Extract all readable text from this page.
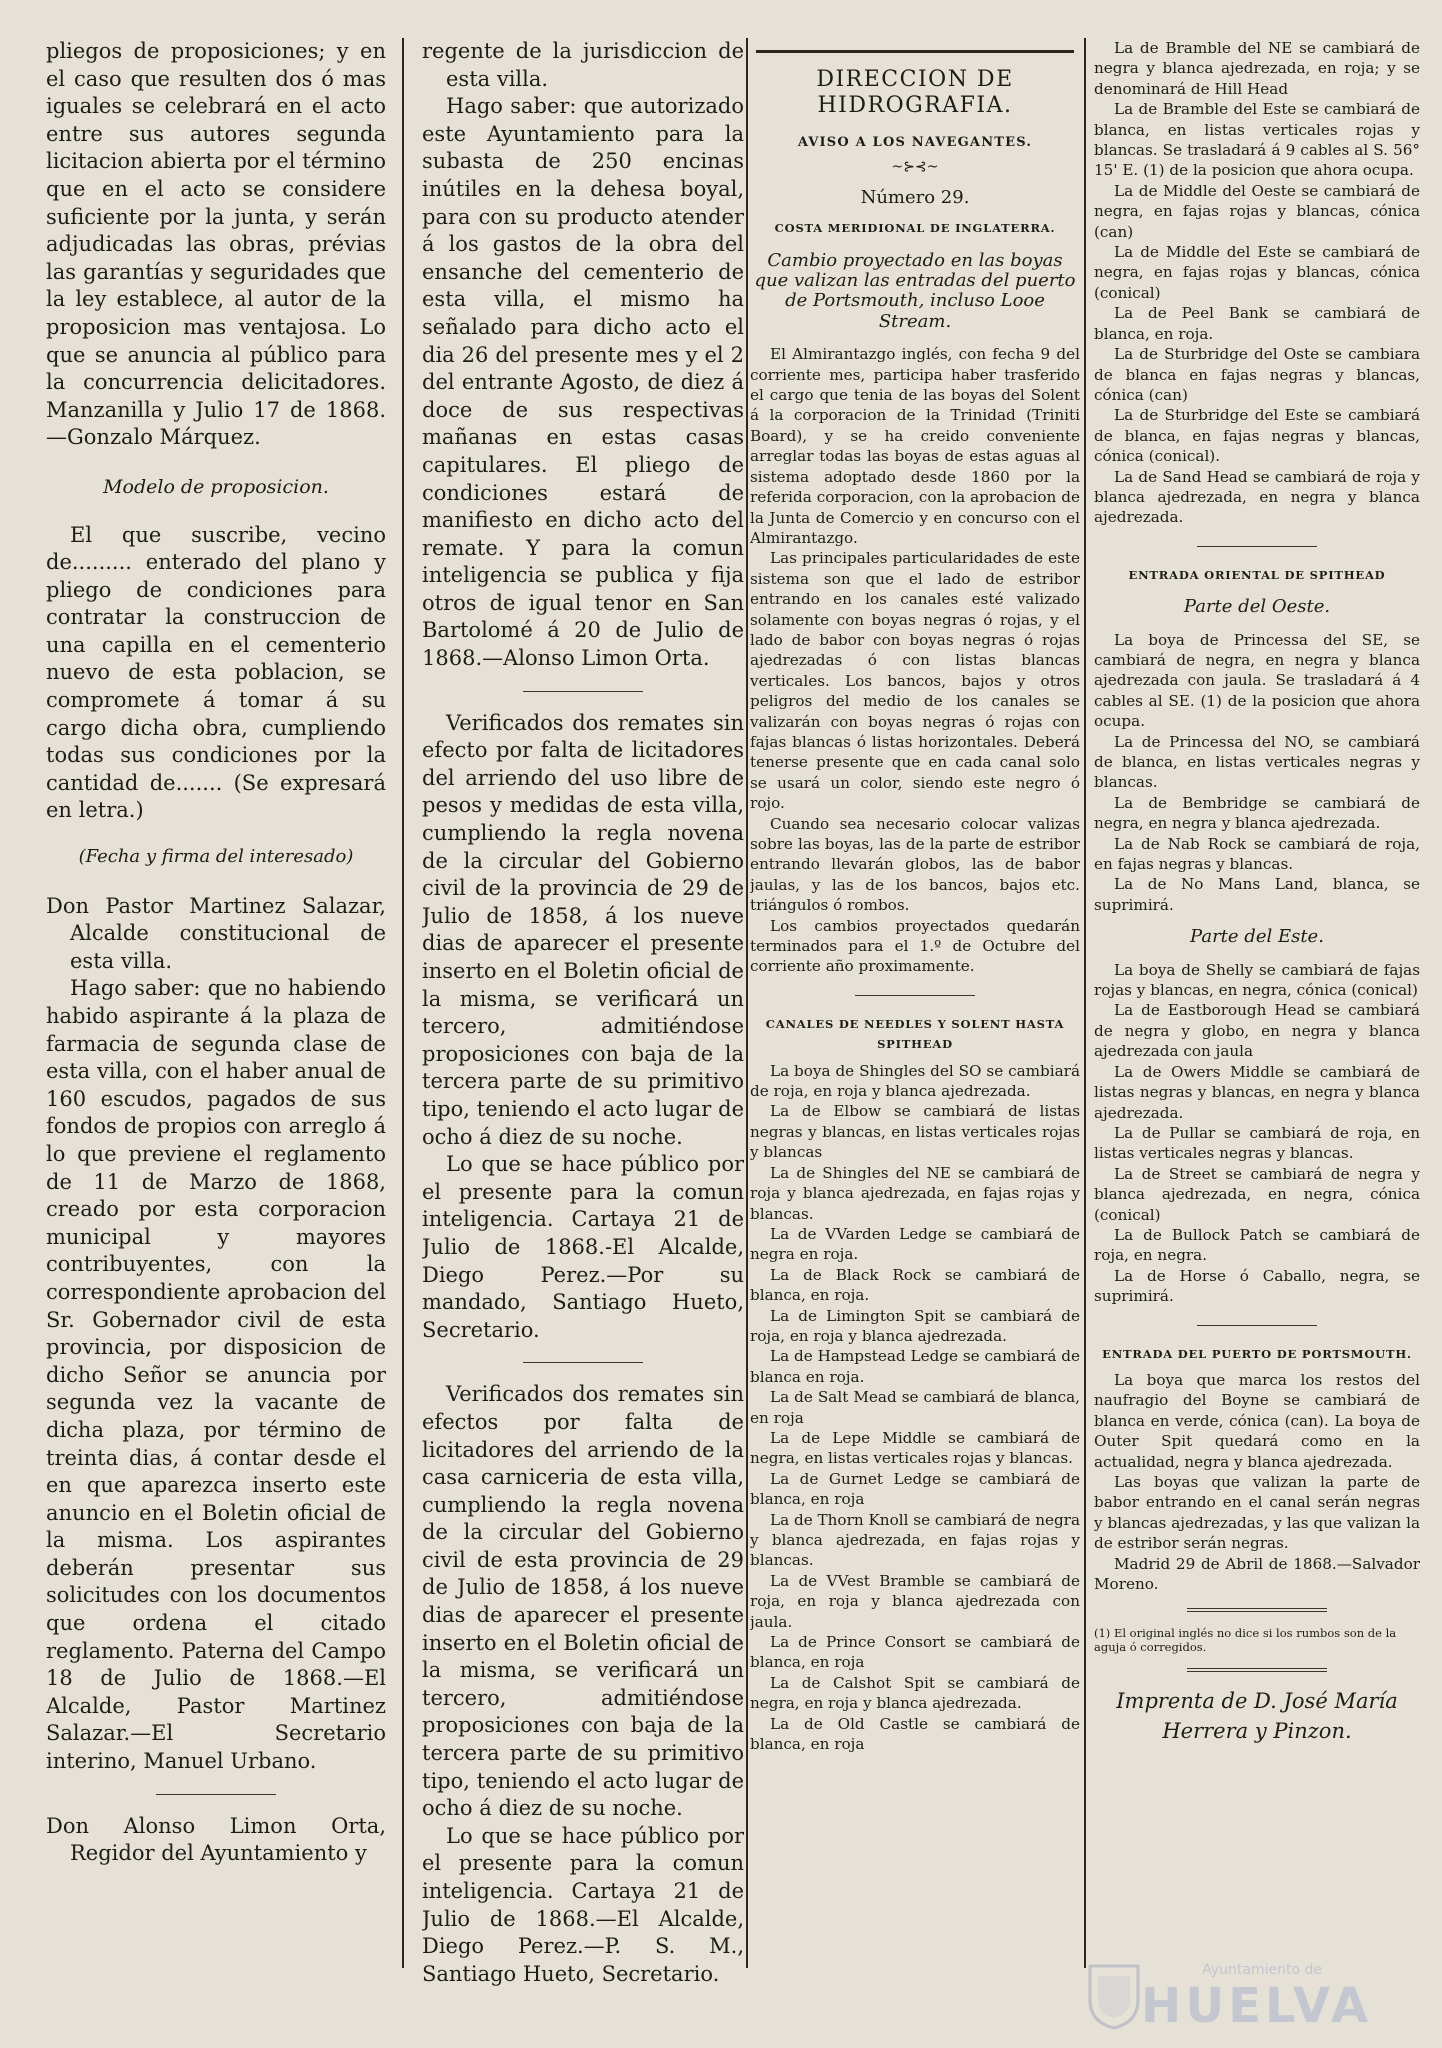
pliegos de proposiciones; y en el caso que resulten dos ó mas iguales se celebrará en el acto entre sus autores segunda licitacion abierta por el término que en el acto se considere suficiente por la junta, y serán adjudicadas las obras, prévias las garantías y seguridades que la ley establece, al autor de la proposicion mas ventajosa. Lo que se anuncia al público para la concurrencia delicitadores. Manzanilla y Julio 17 de 1868.—Gonzalo Márquez.

Modelo de proposicion.

El que suscribe, vecino de......... enterado del plano y pliego de condiciones para contratar la construccion de una capilla en el cementerio nuevo de esta poblacion, se compromete á tomar á su cargo dicha obra, cumpliendo todas sus condiciones por la cantidad de....... (Se expresará en letra.)

(Fecha y firma del interesado)

Don Pastor Martinez Salazar, Alcalde constitucional de esta villa.

Hago saber: que no habiendo habido aspirante á la plaza de farmacia de segunda clase de esta villa, con el haber anual de 160 escudos, pagados de sus fondos de propios con arreglo á lo que previene el reglamento de 11 de Marzo de 1868, creado por esta corporacion municipal y mayores contribuyentes, con la correspondiente aprobacion del Sr. Gobernador civil de esta provincia, por disposicion de dicho Señor se anuncia por segunda vez la vacante de dicha plaza, por término de treinta dias, á contar desde el en que aparezca inserto este anuncio en el Boletin oficial de la misma. Los aspirantes deberán presentar sus solicitudes con los documentos que ordena el citado reglamento. Paterna del Campo 18 de Julio de 1868.—El Alcalde, Pastor Martinez Salazar.—El Secretario interino, Manuel Urbano.

Don Alonso Limon Orta, Regidor del Ayuntamiento y

regente de la jurisdiccion de esta villa.

Hago saber: que autorizado este Ayuntamiento para la subasta de 250 encinas inútiles en la dehesa boyal, para con su producto atender á los gastos de la obra del ensanche del cementerio de esta villa, el mismo ha señalado para dicho acto el dia 26 del presente mes y el 2 del entrante Agosto, de diez á doce de sus respectivas mañanas en estas casas capitulares. El pliego de condiciones estará de manifiesto en dicho acto del remate. Y para la comun inteligencia se publica y fija otros de igual tenor en San Bartolomé á 20 de Julio de 1868.—Alonso Limon Orta.

Verificados dos remates sin efecto por falta de licitadores del arriendo del uso libre de pesos y medidas de esta villa, cumpliendo la regla novena de la circular del Gobierno civil de la provincia de 29 de Julio de 1858, á los nueve dias de aparecer el presente inserto en el Boletin oficial de la misma, se verificará un tercero, admitiéndose proposiciones con baja de la tercera parte de su primitivo tipo, teniendo el acto lugar de ocho á diez de su noche.

Lo que se hace público por el presente para la comun inteligencia. Cartaya 21 de Julio de 1868.-El Alcalde, Diego Perez.—Por su mandado, Santiago Hueto, Secretario.

Verificados dos remates sin efectos por falta de licitadores del arriendo de la casa carniceria de esta villa, cumpliendo la regla novena de la circular del Gobierno civil de esta provincia de 29 de Julio de 1858, á los nueve dias de aparecer el presente inserto en el Boletin oficial de la misma, se verificará un tercero, admitiéndose proposiciones con baja de la tercera parte de su primitivo tipo, teniendo el acto lugar de ocho á diez de su noche.

Lo que se hace público por el presente para la comun inteligencia. Cartaya 21 de Julio de 1868.—El Alcalde, Diego Perez.—P. S. M., Santiago Hueto, Secretario.

DIRECCION DE HIDROGRAFIA.
AVISO A LOS NAVEGANTES.
~⊱⊰~
Número 29.
COSTA MERIDIONAL DE INGLATERRA.
Cambio proyectado en las boyas que valizan las entradas del puerto de Portsmouth, incluso Looe Stream.

El Almirantazgo inglés, con fecha 9 del corriente mes, participa haber trasferido el cargo que tenia de las boyas del Solent á la corporacion de la Trinidad (Triniti Board), y se ha creido conveniente arreglar todas las boyas de estas aguas al sistema adoptado desde 1860 por la referida corporacion, con la aprobacion de la Junta de Comercio y en concurso con el Almirantazgo.

Las principales particularidades de este sistema son que el lado de estribor entrando en los canales esté valizado solamente con boyas negras ó rojas, y el lado de babor con boyas negras ó rojas ajedrezadas ó con listas blancas verticales. Los bancos, bajos y otros peligros del medio de los canales se valizarán con boyas negras ó rojas con fajas blancas ó listas horizontales. Deberá tenerse presente que en cada canal solo se usará un color, siendo este negro ó rojo.

Cuando sea necesario colocar valizas sobre las boyas, las de la parte de estribor entrando llevarán globos, las de babor jaulas, y las de los bancos, bajos etc. triángulos ó rombos.

Los cambios proyectados quedarán terminados para el 1.º de Octubre del corriente año proximamente.

CANALES DE NEEDLES Y SOLENT HASTA SPITHEAD

La boya de Shingles del SO se cambiará de roja, en roja y blanca ajedrezada.

La de Elbow se cambiará de listas negras y blancas, en listas verticales rojas y blancas

La de Shingles del NE se cambiará de roja y blanca ajedrezada, en fajas rojas y blancas.

La de VVarden Ledge se cambiará de negra en roja.

La de Black Rock se cambiará de blanca, en roja.

La de Limington Spit se cambiará de roja, en roja y blanca ajedrezada.

La de Hampstead Ledge se cambiará de blanca en roja.

La de Salt Mead se cambiará de blanca, en roja

La de Lepe Middle se cambiará de negra, en listas verticales rojas y blancas.

La de Gurnet Ledge se cambiará de blanca, en roja

La de Thorn Knoll se cambiará de negra y blanca ajedrezada, en fajas rojas y blancas.

La de VVest Bramble se cambiará de roja, en roja y blanca ajedrezada con jaula.

La de Prince Consort se cambiará de blanca, en roja

La de Calshot Spit se cambiará de negra, en roja y blanca ajedrezada.

La de Old Castle se cambiará de blanca, en roja

La de Bramble del NE se cambiará de negra y blanca ajedrezada, en roja; y se denominará de Hill Head

La de Bramble del Este se cambiará de blanca, en listas verticales rojas y blancas. Se trasladará á 9 cables al S. 56° 15' E. (1) de la posicion que ahora ocupa.

La de Middle del Oeste se cambiará de negra, en fajas rojas y blancas, cónica (can)

La de Middle del Este se cambiará de negra, en fajas rojas y blancas, cónica (conical)

La de Peel Bank se cambiará de blanca, en roja.

La de Sturbridge del Oste se cambiara de blanca en fajas negras y blancas, cónica (can)

La de Sturbridge del Este se cambiará de blanca, en fajas negras y blancas, cónica (conical).

La de Sand Head se cambiará de roja y blanca ajedrezada, en negra y blanca ajedrezada.

ENTRADA ORIENTAL DE SPITHEAD
Parte del Oeste.

La boya de Princessa del SE, se cambiará de negra, en negra y blanca ajedrezada con jaula. Se trasladará á 4 cables al SE. (1) de la posicion que ahora ocupa.

La de Princessa del NO, se cambiará de blanca, en listas verticales negras y blancas.

La de Bembridge se cambiará de negra, en negra y blanca ajedrezada.

La de Nab Rock se cambiará de roja, en fajas negras y blancas.

La de No Mans Land, blanca, se suprimirá.

Parte del Este.

La boya de Shelly se cambiará de fajas rojas y blancas, en negra, cónica (conical)

La de Eastborough Head se cambiará de negra y globo, en negra y blanca ajedrezada con jaula

La de Owers Middle se cambiará de listas negras y blancas, en negra y blanca ajedrezada.

La de Pullar se cambiará de roja, en listas verticales negras y blancas.

La de Street se cambiará de negra y blanca ajedrezada, en negra, cónica (conical)

La de Bullock Patch se cambiará de roja, en negra.

La de Horse ó Caballo, negra, se suprimirá.

ENTRADA DEL PUERTO DE PORTSMOUTH.

La boya que marca los restos del naufragio del Boyne se cambiará de blanca en verde, cónica (can). La boya de Outer Spit quedará como en la actualidad, negra y blanca ajedrezada.

Las boyas que valizan la parte de babor entrando en el canal serán negras y blancas ajedrezadas, y las que valizan la de estribor serán negras.

Madrid 29 de Abril de 1868.—Salvador Moreno.

(1) El original inglés no dice si los rumbos son de la aguja ó corregidos.
Imprenta de D. José María Herrera y Pinzon.
Ayuntamiento de
HUELVA
